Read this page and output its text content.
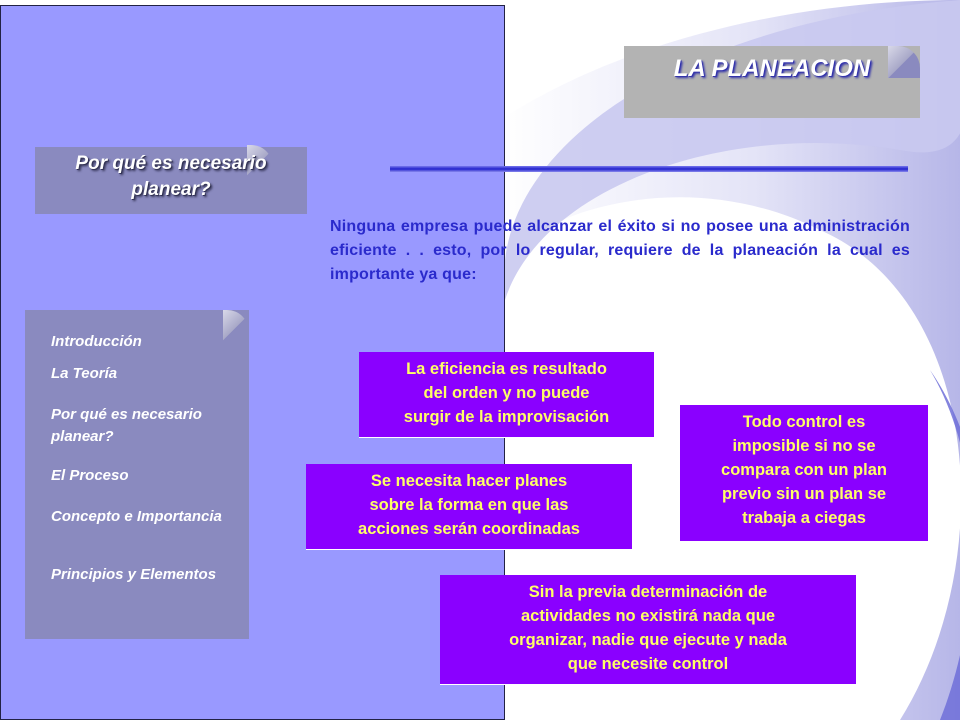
Por qué es necesario
planear?
Introducción
La Teoría
Por qué es necesario planear?
El Proceso
Concepto e Importancia
Principios y Elementos
LA PLANEACION
Ninguna empresa puede alcanzar el éxito si no posee una administración eficiente . . esto, por lo regular, requiere de la planeación la cual es importante ya que:
La eficiencia es resultado
del orden y no puede
surgir de la improvisación	Todo control es
imposible si no se
compara con un plan
previo sin un plan se
trabaja a ciegas
Se necesita hacer planes
sobre la forma en que las
acciones serán coordinadas
Sin la previa determinación de
actividades no existirá nada que
organizar, nadie que ejecute y nada
que necesite control
